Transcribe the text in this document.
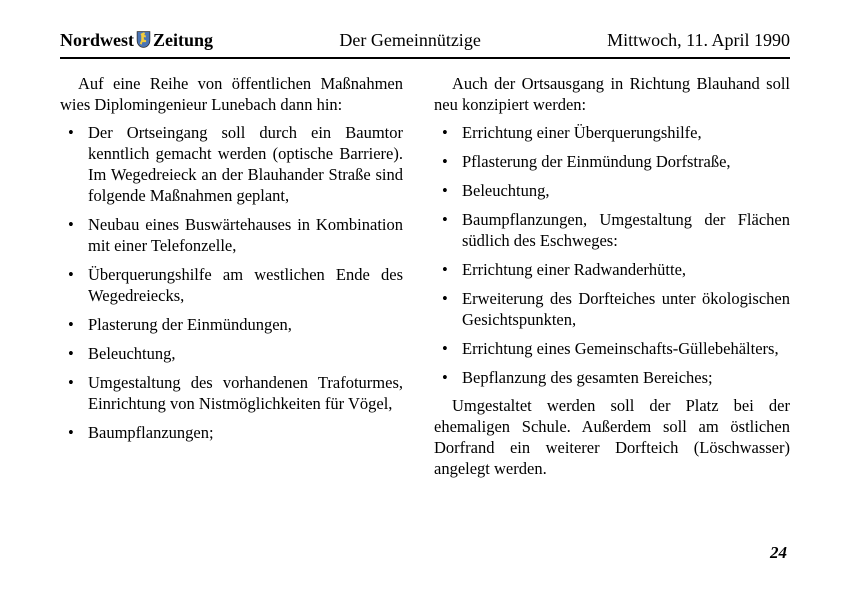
Nordwest Zeitung	Der Gemeinnützige	Mittwoch, 11. April 1990

Auf eine Reihe von öffentlichen Maßnahmen wies Diplomingenieur Lunebach dann hin:

• Der Ortseingang soll durch ein Baumtor kenntlich gemacht werden (optische Barriere). Im Wegedreieck an der Blauhander Straße sind folgende Maßnahmen geplant,
• Neubau eines Buswärtehauses in Kombination mit einer Telefonzelle,
• Überquerungshilfe am westlichen Ende des Wegedreiecks,
• Plasterung der Einmündungen,
• Beleuchtung,
• Umgestaltung des vorhandenen Trafoturmes, Einrichtung von Nistmöglichkeiten für Vögel,
• Baumpflanzungen;

Auch der Ortsausgang in Richtung Blauhand soll neu konzipiert werden:

• Errichtung einer Überquerungshilfe,
• Pflasterung der Einmündung Dorfstraße,
• Beleuchtung,
• Baumpflanzungen, Umgestaltung der Flächen südlich des Eschweges:
• Errichtung einer Radwanderhütte,
• Erweiterung des Dorfteiches unter ökologischen Gesichtspunkten,
• Errichtung eines Gemeinschafts-Güllebehälters,
• Bepflanzung des gesamten Bereiches;

Umgestaltet werden soll der Platz bei der ehemaligen Schule. Außerdem soll am östlichen Dorfrand ein weiterer Dorfteich (Löschwasser) angelegt werden.

24
